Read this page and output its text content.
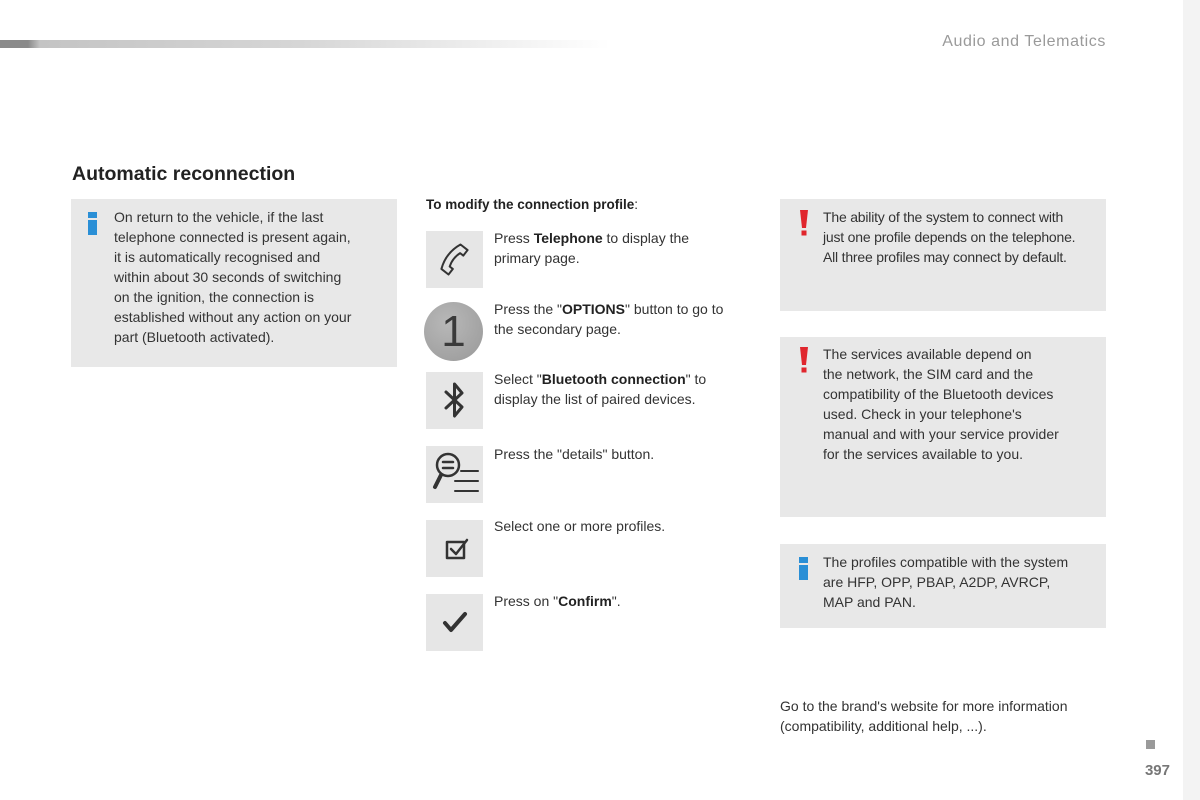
Audio and Telematics
Automatic reconnection
On return to the vehicle, if the last
telephone connected is present again,
it is automatically recognised and
within about 30 seconds of switching
on the ignition, the connection is
established without any action on your
part (Bluetooth activated).
To modify the connection profile:
Press Telephone to display the
primary page.
1	Press the "OPTIONS" button to go to
the secondary page.
Select "Bluetooth connection" to
display the list of paired devices.
Press the "details" button.
Select one or more profiles.
Press on "Confirm".
The ability of the system to connect with
just one profile depends on the telephone.
All three profiles may connect by default.
The services available depend on
the network, the SIM card and the
compatibility of the Bluetooth devices
used. Check in your telephone's
manual and with your service provider
for the services available to you.
The profiles compatible with the system
are HFP, OPP, PBAP, A2DP, AVRCP,
MAP and PAN.
Go to the brand's website for more information
(compatibility, additional help, ...).
397
